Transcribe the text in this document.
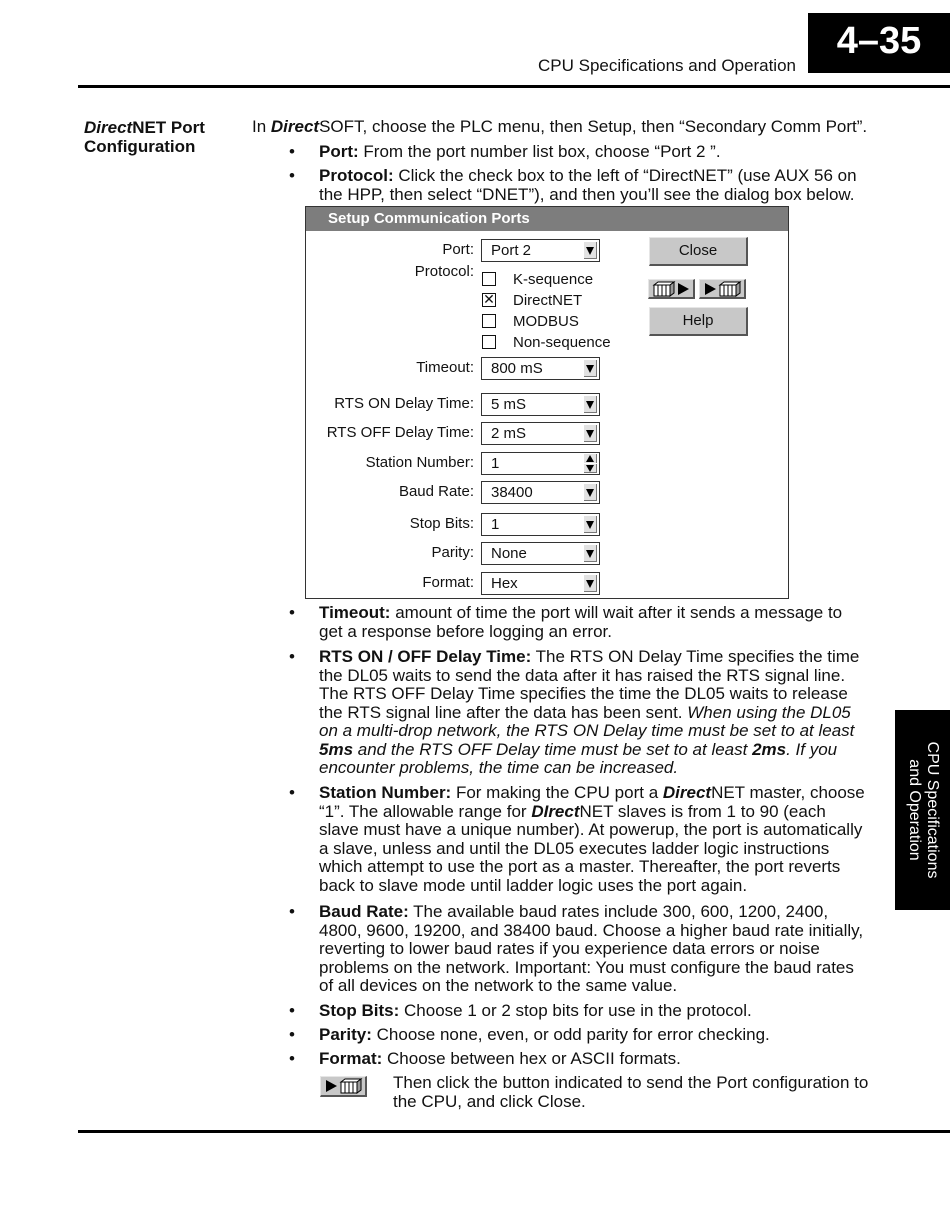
4–35
CPU Specifications and Operation
CPU Specifications
and Operation
DirectNET Port
Configuration
In DirectSOFT, choose the PLC menu, then Setup, then “Secondary Comm Port”.
• Port: From the port number list box, choose “Port 2 ”.
• Protocol: Click the check box to the left of “DirectNET” (use AUX 56 on
the HPP, then select “DNET”), and then you’ll see the dialog box below.
Setup Communication Ports
Port:	Port 2
Protocol:	K-sequence
✕ DirectNET
MODBUS
Non-sequence
Timeout:	800 mS
RTS ON Delay Time:	5 mS
RTS OFF Delay Time:	2 mS
Station Number:	1
Baud Rate:	38400
Stop Bits:	1
Parity:	None
Format:	Hex
Close
Help
• Timeout: amount of time the port will wait after it sends a message to get a response before logging an error.
• RTS ON / OFF Delay Time: The RTS ON Delay Time specifies the time the DL05 waits to send the data after it has raised the RTS signal line. The RTS OFF Delay Time specifies the time the DL05 waits to release the RTS signal line after the data has been sent. When using the DL05 on a multi-drop network, the RTS ON Delay time must be set to at least 5ms and the RTS OFF Delay time must be set to at least 2ms. If you encounter problems, the time can be increased.
• Station Number: For making the CPU port a DirectNET master, choose “1”. The allowable range for DIrectNET slaves is from 1 to 90 (each slave must have a unique number). At powerup, the port is automatically a slave, unless and until the DL05 executes ladder logic instructions which attempt to use the port as a master. Thereafter, the port reverts back to slave mode until ladder logic uses the port again.
• Baud Rate: The available baud rates include 300, 600, 1200, 2400, 4800, 9600, 19200, and 38400 baud. Choose a higher baud rate initially, reverting to lower baud rates if you experience data errors or noise problems on the network. Important: You must configure the baud rates of all devices on the network to the same value.
• Stop Bits: Choose 1 or 2 stop bits for use in the protocol.
• Parity: Choose none, even, or odd parity for error checking.
• Format: Choose between hex or ASCII formats.
Then click the button indicated to send the Port configuration to the CPU, and click Close.
